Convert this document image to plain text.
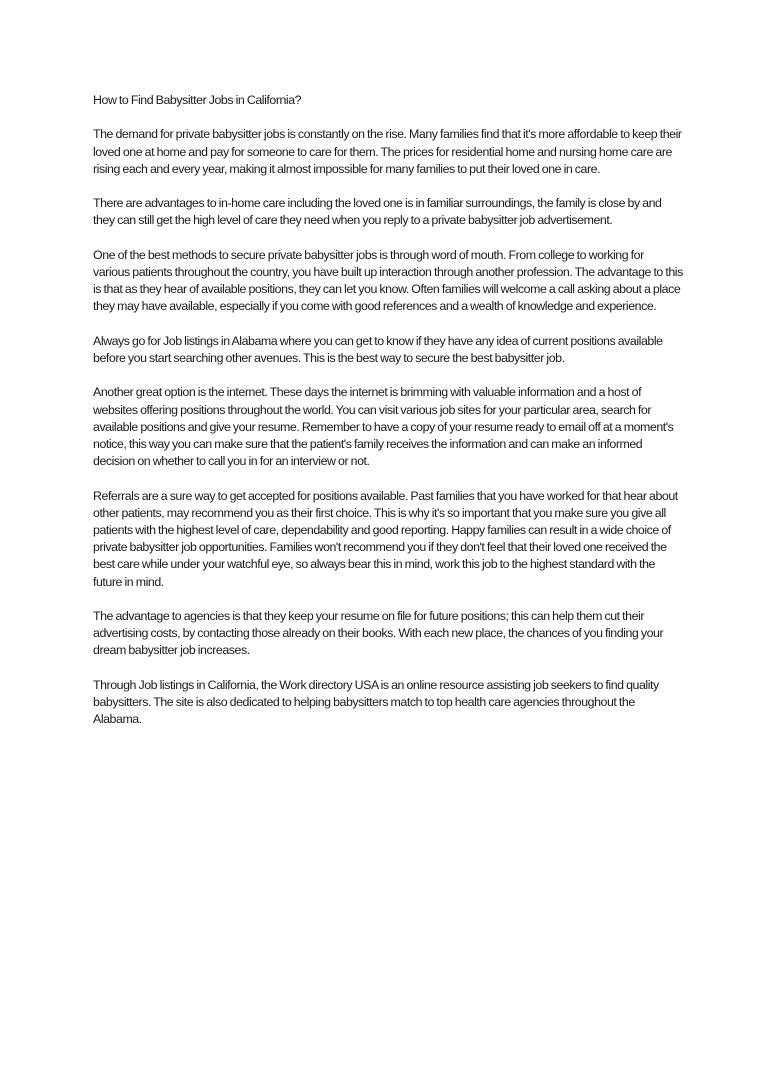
How to Find Babysitter Jobs in California?

The demand for private babysitter jobs is constantly on the rise. Many families find that it's more affordable to keep their loved one at home and pay for someone to care for them. The prices for residential home and nursing home care are rising each and every year, making it almost impossible for many families to put their loved one in care.

There are advantages to in-home care including the loved one is in familiar surroundings, the family is close by and they can still get the high level of care they need when you reply to a private babysitter job advertisement.

One of the best methods to secure private babysitter jobs is through word of mouth. From college to working for various patients throughout the country, you have built up interaction through another profession. The advantage to this is that as they hear of available positions, they can let you know. Often families will welcome a call asking about a place they may have available, especially if you come with good references and a wealth of knowledge and experience.

Always go for Job listings in Alabama where you can get to know if they have any idea of current positions available before you start searching other avenues. This is the best way to secure the best babysitter job.

Another great option is the internet. These days the internet is brimming with valuable information and a host of websites offering positions throughout the world. You can visit various job sites for your particular area, search for available positions and give your resume. Remember to have a copy of your resume ready to email off at a moment's notice, this way you can make sure that the patient's family receives the information and can make an informed decision on whether to call you in for an interview or not.

Referrals are a sure way to get accepted for positions available. Past families that you have worked for that hear about other patients, may recommend you as their first choice. This is why it's so important that you make sure you give all patients with the highest level of care, dependability and good reporting. Happy families can result in a wide choice of private babysitter job opportunities. Families won't recommend you if they don't feel that their loved one received the best care while under your watchful eye, so always bear this in mind, work this job to the highest standard with the future in mind.

The advantage to agencies is that they keep your resume on file for future positions; this can help them cut their advertising costs, by contacting those already on their books. With each new place, the chances of you finding your dream babysitter job increases.

Through Job listings in California, the Work directory USA is an online resource assisting job seekers to find quality babysitters. The site is also dedicated to helping babysitters match to top health care agencies throughout the Alabama.
